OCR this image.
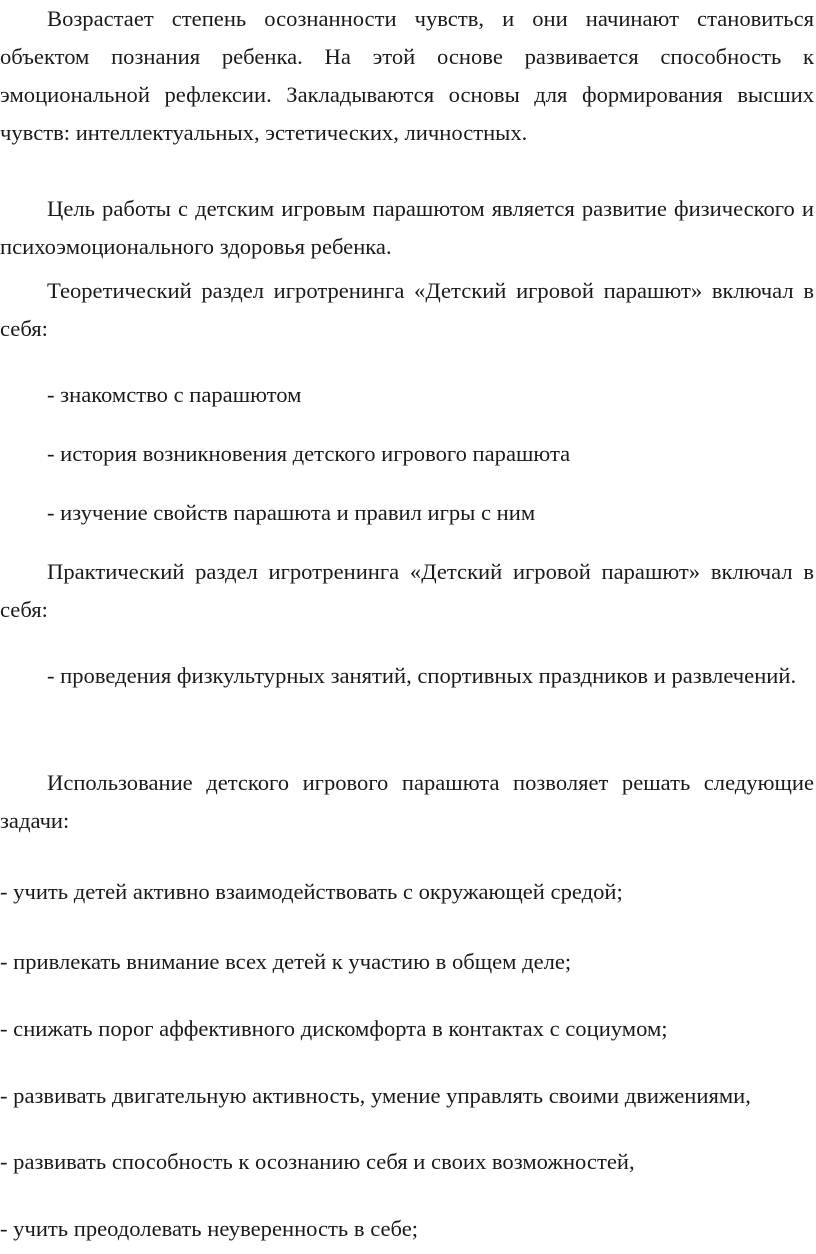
Возрастает степень осознанности чувств, и они начинают становиться объектом познания ребенка. На этой основе развивается способность к эмоциональной рефлексии. Закладываются основы для формирования высших чувств: интеллектуальных, эстетических, личностных.

Цель работы с детским игровым парашютом является развитие физического и психоэмоционального здоровья ребенка.

Теоретический раздел игротренинга «Детский игровой парашют» включал в себя:

- знакомство с парашютом

- история возникновения детского игрового парашюта

- изучение свойств парашюта и правил игры с ним

Практический раздел игротренинга «Детский игровой парашют» включал в себя:

- проведения физкультурных занятий, спортивных праздников и развлечений.

Использование детского игрового парашюта позволяет решать следующие задачи:

- учить детей активно взаимодействовать с окружающей средой;

- привлекать внимание всех детей к участию в общем деле;

- снижать порог аффективного дискомфорта в контактах с социумом;

- развивать двигательную активность, умение управлять своими движениями,

- развивать способность к осознанию себя и своих возможностей,

- учить преодолевать неуверенность в себе;
